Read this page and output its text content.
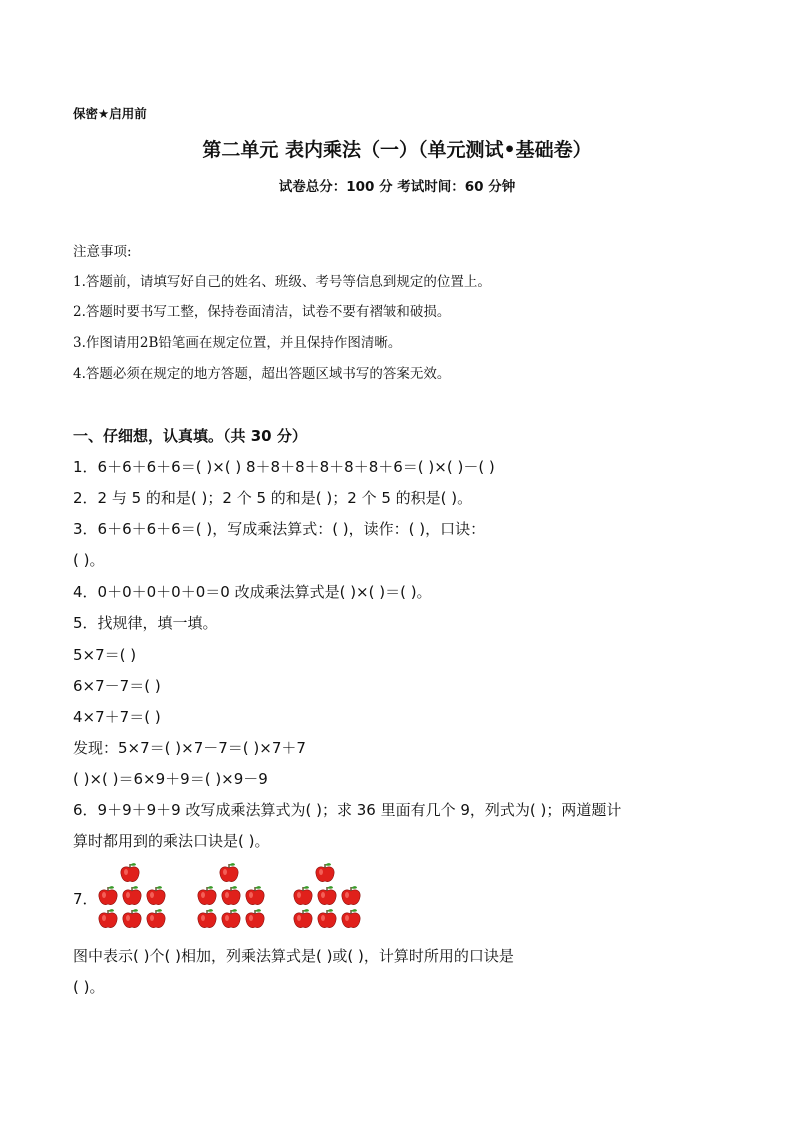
保密★启用前
第二单元 表内乘法（一）（单元测试•基础卷）
试卷总分：100 分 考试时间：60 分钟
注意事项:
1.答题前，请填写好自己的姓名、班级、考号等信息到规定的位置上。
2.答题时要书写工整，保持卷面清洁，试卷不要有褶皱和破损。
3.作图请用2B铅笔画在规定位置，并且保持作图清晰。
4.答题必须在规定的地方答题，超出答题区域书写的答案无效。
一、仔细想，认真填。（共 30 分）
1．6＋6＋6＋6＝( )×( ) 8＋8＋8＋8＋8＋8＋6＝( )×( )－( )
2．2 与 5 的和是( )；2 个 5 的和是( )；2 个 5 的积是( )。
3．6＋6＋6＋6＝( )，写成乘法算式：( )，读作：( )，口诀：
( )。
4．0＋0＋0＋0＋0＝0 改成乘法算式是( )×( )＝( )。
5．找规律，填一填。
5×7＝( )
6×7－7＝( )
4×7＋7＝( )
发现：5×7＝( )×7－7＝( )×7＋7
( )×( )＝6×9＋9＝( )×9－9
6．9＋9＋9＋9 改写成乘法算式为( )；求 36 里面有几个 9，列式为( )；两道题计
算时都用到的乘法口诀是( )。
7．
图中表示( )个( )相加，列乘法算式是( )或( )，计算时所用的口诀是
( )。
